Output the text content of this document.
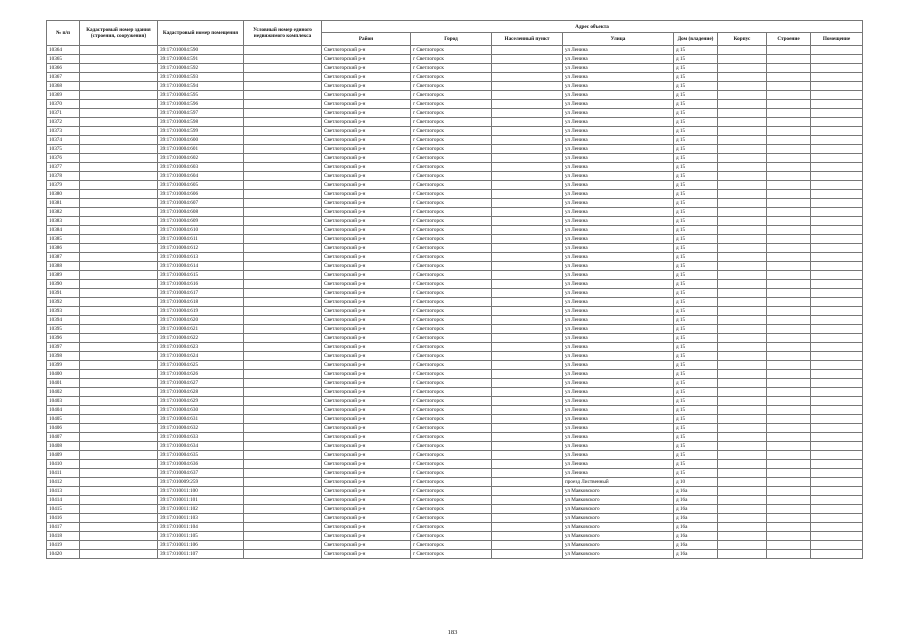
№ п/п	Кадастровый номер здания (строения, сооружения)	Кадастровый номер помещения	Условный номер единого недвижимого комплекса	Адрес объекта							
				Район	Город	Населенный пункт	Улица	Дом (владение)	Корпус	Строение	Помещение
10364		39:17:010004:590		Светлогорский р-н	г Светлогорск		ул Ленина	д 15			
10365		39:17:010004:591		Светлогорский р-н	г Светлогорск		ул Ленина	д 15			
10366		39:17:010004:592		Светлогорский р-н	г Светлогорск		ул Ленина	д 15			
10367		39:17:010004:593		Светлогорский р-н	г Светлогорск		ул Ленина	д 15			
10368		39:17:010004:594		Светлогорский р-н	г Светлогорск		ул Ленина	д 15			
10369		39:17:010004:595		Светлогорский р-н	г Светлогорск		ул Ленина	д 15			
10370		39:17:010004:596		Светлогорский р-н	г Светлогорск		ул Ленина	д 15			
10371		39:17:010004:597		Светлогорский р-н	г Светлогорск		ул Ленина	д 15			
10372		39:17:010004:598		Светлогорский р-н	г Светлогорск		ул Ленина	д 15			
10373		39:17:010004:599		Светлогорский р-н	г Светлогорск		ул Ленина	д 15			
10374		39:17:010004:600		Светлогорский р-н	г Светлогорск		ул Ленина	д 15			
10375		39:17:010004:601		Светлогорский р-н	г Светлогорск		ул Ленина	д 15			
10376		39:17:010004:602		Светлогорский р-н	г Светлогорск		ул Ленина	д 15			
10377		39:17:010004:603		Светлогорский р-н	г Светлогорск		ул Ленина	д 15			
10378		39:17:010004:604		Светлогорский р-н	г Светлогорск		ул Ленина	д 15			
10379		39:17:010004:605		Светлогорский р-н	г Светлогорск		ул Ленина	д 15			
10380		39:17:010004:606		Светлогорский р-н	г Светлогорск		ул Ленина	д 15			
10381		39:17:010004:607		Светлогорский р-н	г Светлогорск		ул Ленина	д 15			
10382		39:17:010004:608		Светлогорский р-н	г Светлогорск		ул Ленина	д 15			
10383		39:17:010004:609		Светлогорский р-н	г Светлогорск		ул Ленина	д 15			
10384		39:17:010004:610		Светлогорский р-н	г Светлогорск		ул Ленина	д 15			
10385		39:17:010004:611		Светлогорский р-н	г Светлогорск		ул Ленина	д 15			
10386		39:17:010004:612		Светлогорский р-н	г Светлогорск		ул Ленина	д 15			
10387		39:17:010004:613		Светлогорский р-н	г Светлогорск		ул Ленина	д 15			
10388		39:17:010004:614		Светлогорский р-н	г Светлогорск		ул Ленина	д 15			
10389		39:17:010004:615		Светлогорский р-н	г Светлогорск		ул Ленина	д 15			
10390		39:17:010004:616		Светлогорский р-н	г Светлогорск		ул Ленина	д 15			
10391		39:17:010004:617		Светлогорский р-н	г Светлогорск		ул Ленина	д 15			
10392		39:17:010004:618		Светлогорский р-н	г Светлогорск		ул Ленина	д 15			
10393		39:17:010004:619		Светлогорский р-н	г Светлогорск		ул Ленина	д 15			
10394		39:17:010004:620		Светлогорский р-н	г Светлогорск		ул Ленина	д 15			
10395		39:17:010004:621		Светлогорский р-н	г Светлогорск		ул Ленина	д 15			
10396		39:17:010004:622		Светлогорский р-н	г Светлогорск		ул Ленина	д 15			
10397		39:17:010004:623		Светлогорский р-н	г Светлогорск		ул Ленина	д 15			
10398		39:17:010004:624		Светлогорский р-н	г Светлогорск		ул Ленина	д 15			
10399		39:17:010004:625		Светлогорский р-н	г Светлогорск		ул Ленина	д 15			
10400		39:17:010004:626		Светлогорский р-н	г Светлогорск		ул Ленина	д 15			
10401		39:17:010004:627		Светлогорский р-н	г Светлогорск		ул Ленина	д 15			
10402		39:17:010004:628		Светлогорский р-н	г Светлогорск		ул Ленина	д 15			
10403		39:17:010004:629		Светлогорский р-н	г Светлогорск		ул Ленина	д 15			
10404		39:17:010004:630		Светлогорский р-н	г Светлогорск		ул Ленина	д 15			
10405		39:17:010004:631		Светлогорский р-н	г Светлогорск		ул Ленина	д 15			
10406		39:17:010004:632		Светлогорский р-н	г Светлогорск		ул Ленина	д 15			
10407		39:17:010004:633		Светлогорский р-н	г Светлогорск		ул Ленина	д 15			
10408		39:17:010004:634		Светлогорский р-н	г Светлогорск		ул Ленина	д 15			
10409		39:17:010004:635		Светлогорский р-н	г Светлогорск		ул Ленина	д 15			
10410		39:17:010004:636		Светлогорский р-н	г Светлогорск		ул Ленина	д 15			
10411		39:17:010004:637		Светлогорский р-н	г Светлогорск		ул Ленина	д 15			
10412		39:17:010009:259		Светлогорский р-н	г Светлогорск		проезд Лиственный	д 10			
10413		39:17:010011:100		Светлогорский р-н	г Светлогорск		ул Маяковского	д 16а			
10414		39:17:010011:101		Светлогорский р-н	г Светлогорск		ул Маяковского	д 16а			
10415		39:17:010011:102		Светлогорский р-н	г Светлогорск		ул Маяковского	д 16а			
10416		39:17:010011:103		Светлогорский р-н	г Светлогорск		ул Маяковского	д 16а			
10417		39:17:010011:104		Светлогорский р-н	г Светлогорск		ул Маяковского	д 16а			
10418		39:17:010011:105		Светлогорский р-н	г Светлогорск		ул Маяковского	д 16а			
10419		39:17:010011:106		Светлогорский р-н	г Светлогорск		ул Маяковского	д 16а			
10420		39:17:010011:107		Светлогорский р-н	г Светлогорск		ул Маяковского	д 16а			
183
